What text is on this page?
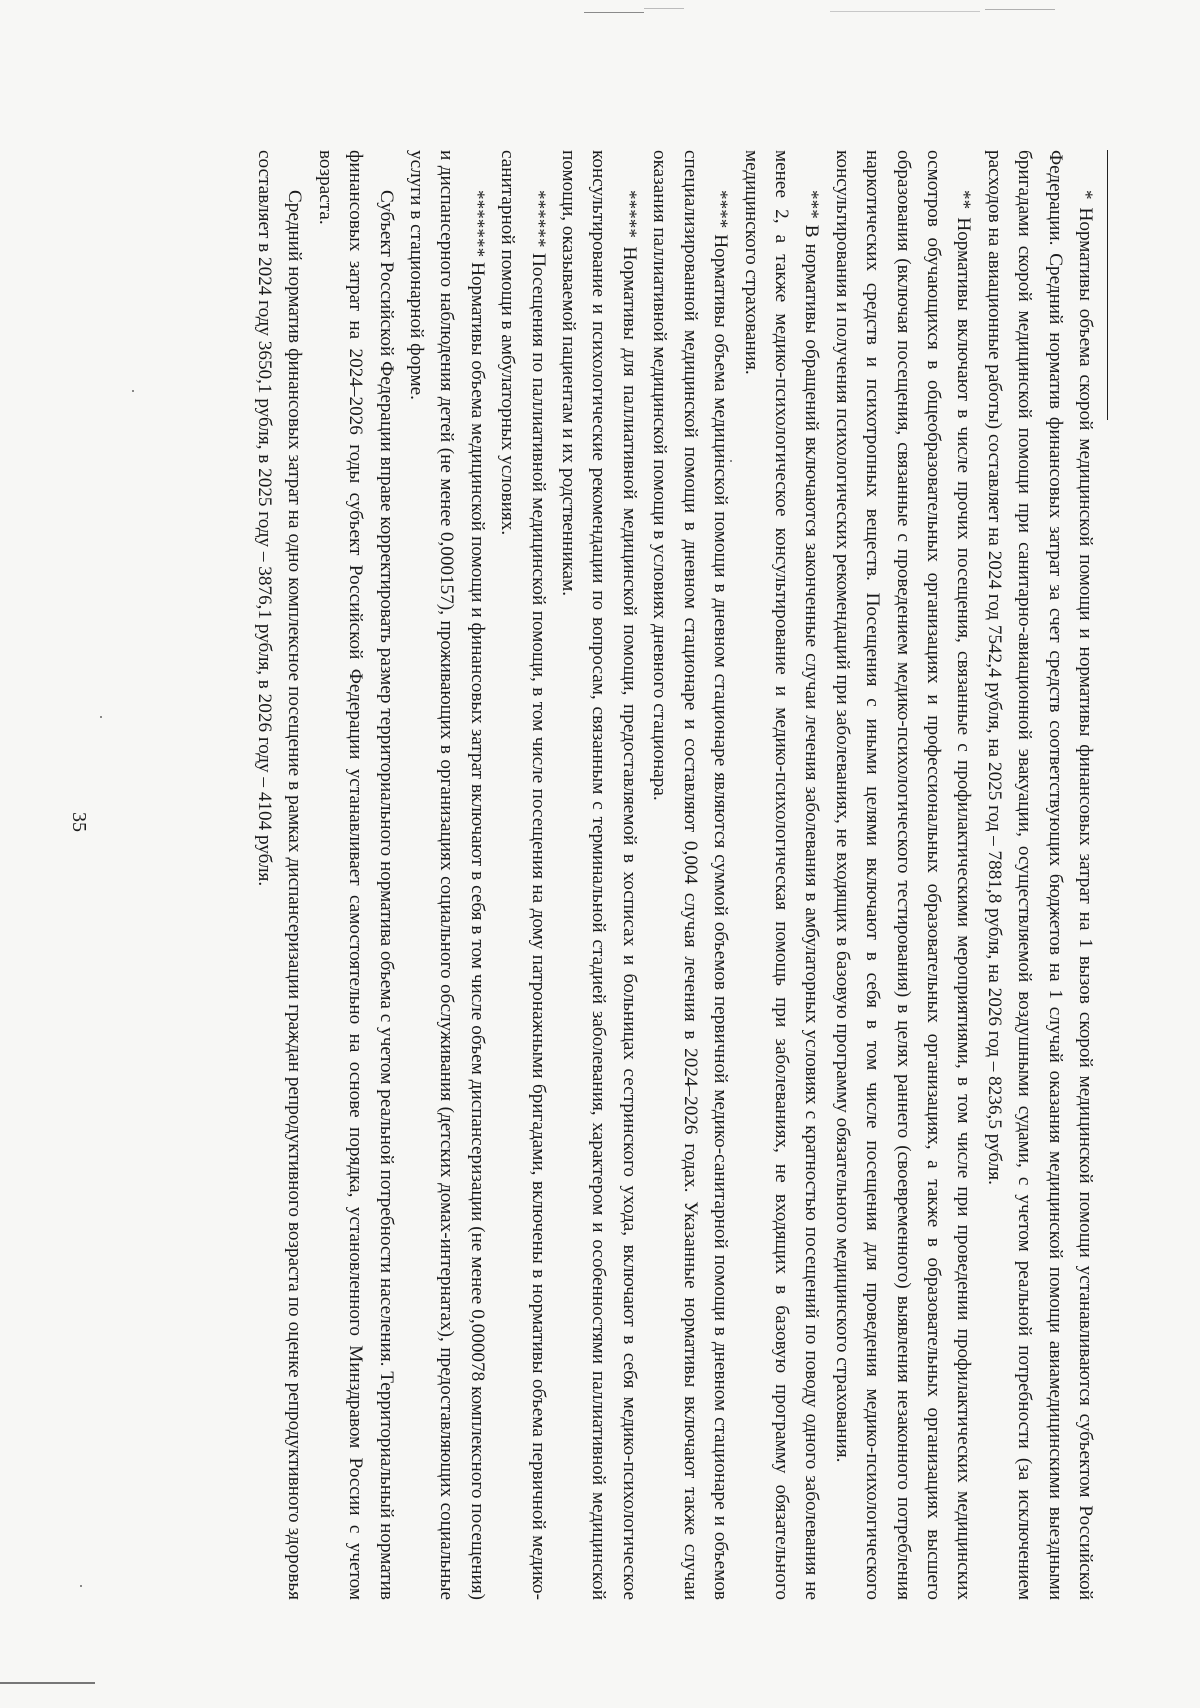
35	* Нормативы объема скорой медицинской помощи и нормативы финансовых затрат на 1 вызов скорой медицинской помощи устанавливаются субъектом Российской Федерации. Средний норматив финансовых затрат за счет средств соответствующих бюджетов на 1 случай оказания медицинской помощи авиамедицинскими выездными бригадами скорой медицинской помощи при санитарно-авиационной эвакуации, осуществляемой воздушными судами, с учетом реальной потребности (за исключением расходов на авиационные работы) составляет на 2024 год 7542,4 рубля, на 2025 год – 7881,8 рубля, на 2026 год – 8236,5 рубля.

** Нормативы включают в числе прочих посещения, связанные с профилактическими мероприятиями, в том числе при проведении профилактических медицинских осмотров обучающихся в общеобразовательных организациях и профессиональных образовательных организациях, а также в образовательных организациях высшего образования (включая посещения, связанные с проведением медико-психологического тестирования) в целях раннего (своевременного) выявления незаконного потребления наркотических средств и психотропных веществ. Посещения с иными целями включают в себя в том числе посещения для проведения медико-психологического консультирования и получения психологических рекомендаций при заболеваниях, не входящих в базовую программу обязательного медицинского страхования.

*** В нормативы обращений включаются законченные случаи лечения заболевания в амбулаторных условиях с кратностью посещений по поводу одного заболевания не менее 2, а также медико-психологическое консультирование и медико-психологическая помощь при заболеваниях, не входящих в базовую программу обязательного медицинского страхования.

**** Нормативы объема медицинской помощи в дневном стационаре являются суммой объемов первичной медико-санитарной помощи в дневном стационаре и объемов специализированной медицинской помощи в дневном стационаре и составляют 0,004 случая лечения в 2024–2026 годах. Указанные нормативы включают также случаи оказания паллиативной медицинской помощи в условиях дневного стационара.

***** Нормативы для паллиативной медицинской помощи, предоставляемой в хосписах и больницах сестринского ухода, включают в себя медико-психологическое консультирование и психологические рекомендации по вопросам, связанным с терминальной стадией заболевания, характером и особенностями паллиативной медицинской помощи, оказываемой пациентам и их родственникам.

****** Посещения по паллиативной медицинской помощи, в том числе посещения на дому патронажными бригадами, включены в нормативы объема первичной медико-санитарной помощи в амбулаторных условиях.

******* Нормативы объема медицинской помощи и финансовых затрат включают в себя в том числе объем диспансеризации (не менее 0,000078 комплексного посещения) и диспансерного наблюдения детей (не менее 0,000157), проживающих в организациях социального обслуживания (детских домах-интернатах), предоставляющих социальные услуги в стационарной форме.

Субъект Российской Федерации вправе корректировать размер территориального норматива объема с учетом реальной потребности населения. Территориальный норматив финансовых затрат на 2024–2026 годы субъект Российской Федерации устанавливает самостоятельно на основе порядка, установленного Минздравом России с учетом возраста.

Средний норматив финансовых затрат на одно комплексное посещение в рамках диспансеризации граждан репродуктивного возраста по оценке репродуктивного здоровья составляет в 2024 году 3650,1 рубля, в 2025 году – 3876,1 рубля, в 2026 году – 4104 рубля.
